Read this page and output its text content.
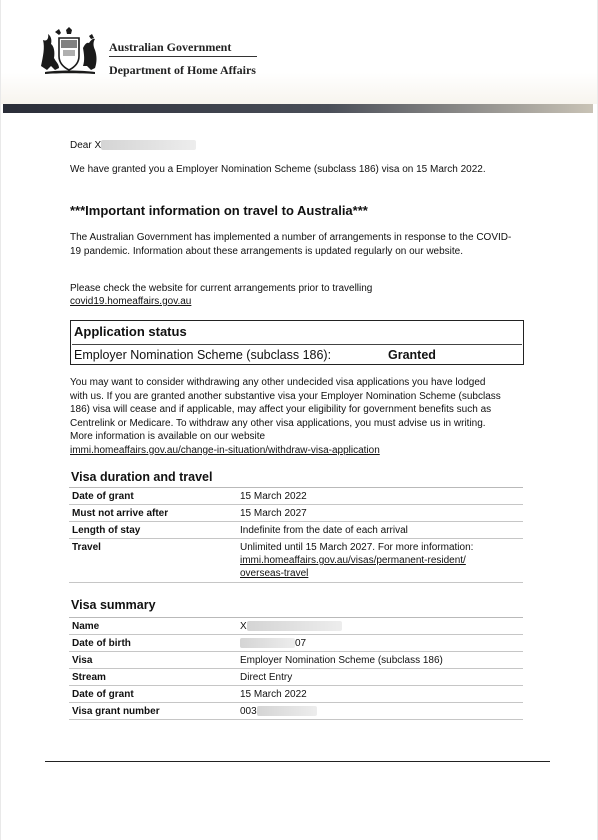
Australian Government
Department of Home Affairs
Dear X
We have granted you a Employer Nomination Scheme (subclass 186) visa on 15 March 2022.
***Important information on travel to Australia***
The Australian Government has implemented a number of arrangements in response to the COVID-19 pandemic. Information about these arrangements is updated regularly on our website.
Please check the website for current arrangements prior to travelling
covid19.homeaffairs.gov.au
Application status
Employer Nomination Scheme (subclass 186):	Granted
You may want to consider withdrawing any other undecided visa applications you have lodged with us. If you are granted another substantive visa your Employer Nomination Scheme (subclass 186) visa will cease and if applicable, may affect your eligibility for government benefits such as Centrelink or Medicare. To withdraw any other visa applications, you must advise us in writing. More information is available on our website
immi.homeaffairs.gov.au/change-in-situation/withdraw-visa-application
Visa duration and travel
Date of grant	15 March 2022
Must not arrive after	15 March 2027
Length of stay	Indefinite from the date of each arrival
Travel	Unlimited until 15 March 2027. For more information:
immi.homeaffairs.gov.au/visas/permanent-resident/
overseas-travel
Visa summary
Name	X
Date of birth	07
Visa	Employer Nomination Scheme (subclass 186)
Stream	Direct Entry
Date of grant	15 March 2022
Visa grant number	003
